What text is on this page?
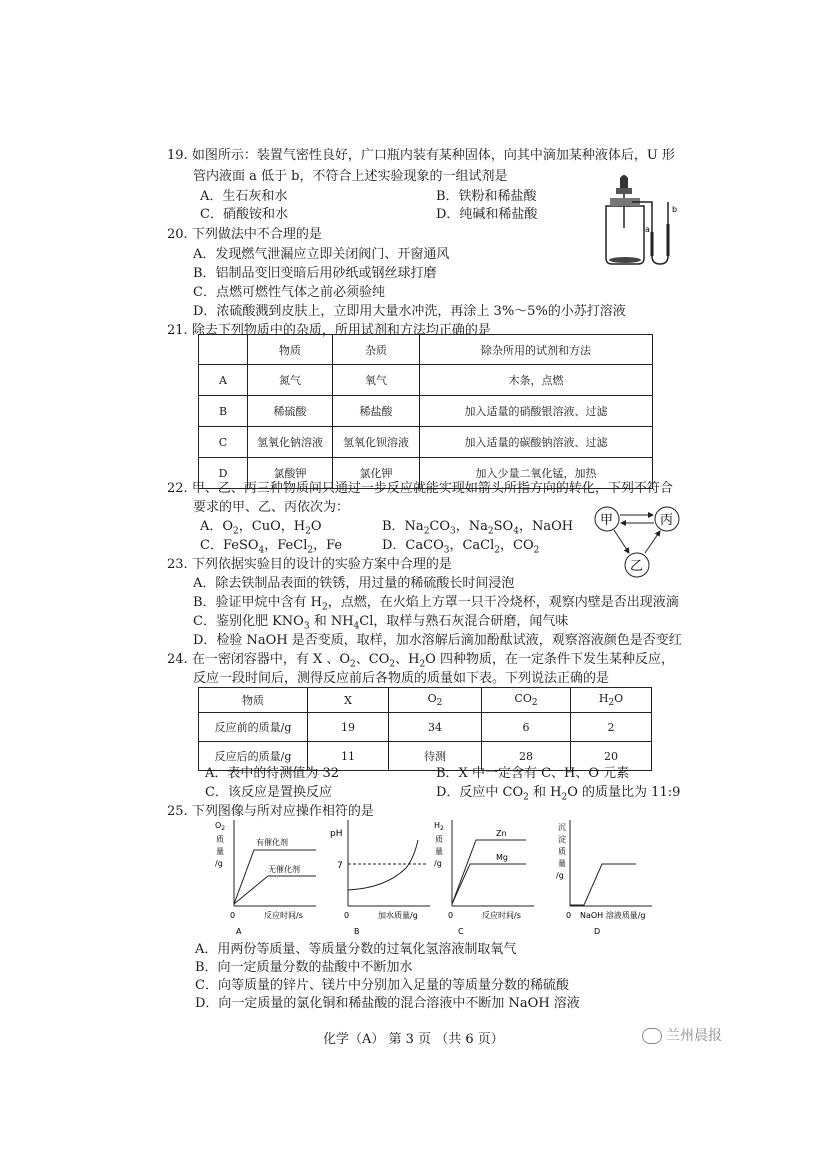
19. 如图所示：装置气密性良好，广口瓶内装有某种固体，向其中滴加某种液体后，U 形
管内液面 a 低于 b，不符合上述实验现象的一组试剂是
A．生石灰和水	B．铁粉和稀盐酸
C．硝酸铵和水	D．纯碱和稀盐酸
a
b
20. 下列做法中不合理的是
A．发现燃气泄漏应立即关闭阀门、开窗通风
B．铝制品变旧变暗后用砂纸或钢丝球打磨
C．点燃可燃性气体之前必须验纯
D．浓硫酸溅到皮肤上，立即用大量水冲洗，再涂上 3%～5%的小苏打溶液
21. 除去下列物质中的杂质，所用试剂和方法均正确的是
	物质	杂质	除杂所用的试剂和方法
A	氮气	氧气	木条，点燃
B	稀硫酸	稀盐酸	加入适量的硝酸银溶液、过滤
C	氢氧化钠溶液	氢氧化钡溶液	加入适量的碳酸钠溶液、过滤
D	氯酸钾	氯化钾	加入少量二氧化锰，加热
22. 甲、乙、丙三种物质间只通过一步反应就能实现如箭头所指方向的转化，下列不符合
要求的甲、乙、丙依次为：
A．$O_2$，CuO，$H_2O$	B．$Na_2CO_3$，$Na_2SO_4$，NaOH
C．FeSO$_4$，FeCl$_2$，Fe	D．CaCO$_3$，CaCl$_2$，$CO_2$
甲	丙
乙
23. 下列依据实验目的设计的实验方案中合理的是
A．除去铁制品表面的铁锈，用过量的稀硫酸长时间浸泡
B．验证甲烷中含有 $H_2$，点燃，在火焰上方罩一只干冷烧杯，观察内壁是否出现液滴
C．鉴别化肥 $KNO_3$ 和 $NH_4Cl$，取样与熟石灰混合研磨，闻气味
D．检验 NaOH 是否变质，取样，加水溶解后滴加酚酞试液，观察溶液颜色是否变红
24. 在一密闭容器中，有 X 、$O_2$、$CO_2$、$H_2O$ 四种物质，在一定条件下发生某种反应，
反应一段时间后，测得反应前后各物质的质量如下表。下列说法正确的是
物质	X	$O_2$	$CO_2$	$H_2O$
反应前的质量/g	19	34	6	2
反应后的质量/g	11	待测	28	20
A．表中的待测值为 32	B．X 中一定含有 C、H、O 元素
C．该反应是置换反应	D．反应中 $CO_2$ 和 $H_2O$ 的质量比为 11:9
25. 下列图像与所对应操作相符的是
$O_2$
质
量
/g
有催化剂
无催化剂
0	反应时间/s
A
pH
7
0	加水质量/g
B
$H_2$
质
量
/g
Zn
Mg
0	反应时间/s
C
沉
淀
质
量
/g
0 NaOH 溶液质量/g
D
A．用两份等质量、等质量分数的过氧化氢溶液制取氧气
B．向一定质量分数的盐酸中不断加水
C．向等质量的锌片、镁片中分别加入足量的等质量分数的稀硫酸
D．向一定质量的氯化铜和稀盐酸的混合溶液中不断加 NaOH 溶液
化学（A） 第 3 页 （共 6 页）	兰州晨报
